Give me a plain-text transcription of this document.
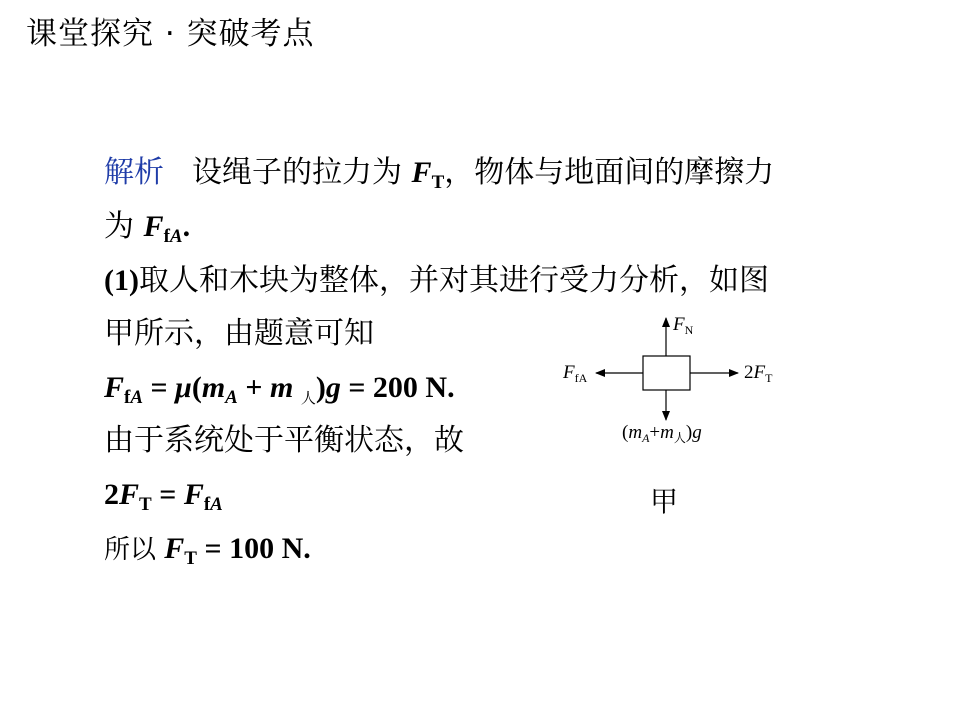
课堂探究 · 突破考点
解析 设绳子的拉力为 $F_T$，物体与地面间的摩擦力
为 $F_{fA}$.
(1)取人和木块为整体，并对其进行受力分析，如图
甲所示，由题意可知
$F_{fA} = \mu(m_A + m$ $_人$)g = 200 N.
由于系统处于平衡状态，故
$2F_T = F_{fA}$
所以 $F_T = 100$ N.
$F_N$
$F_{fA}$	$2F_T$
$(m_A+m_人)g$
甲
